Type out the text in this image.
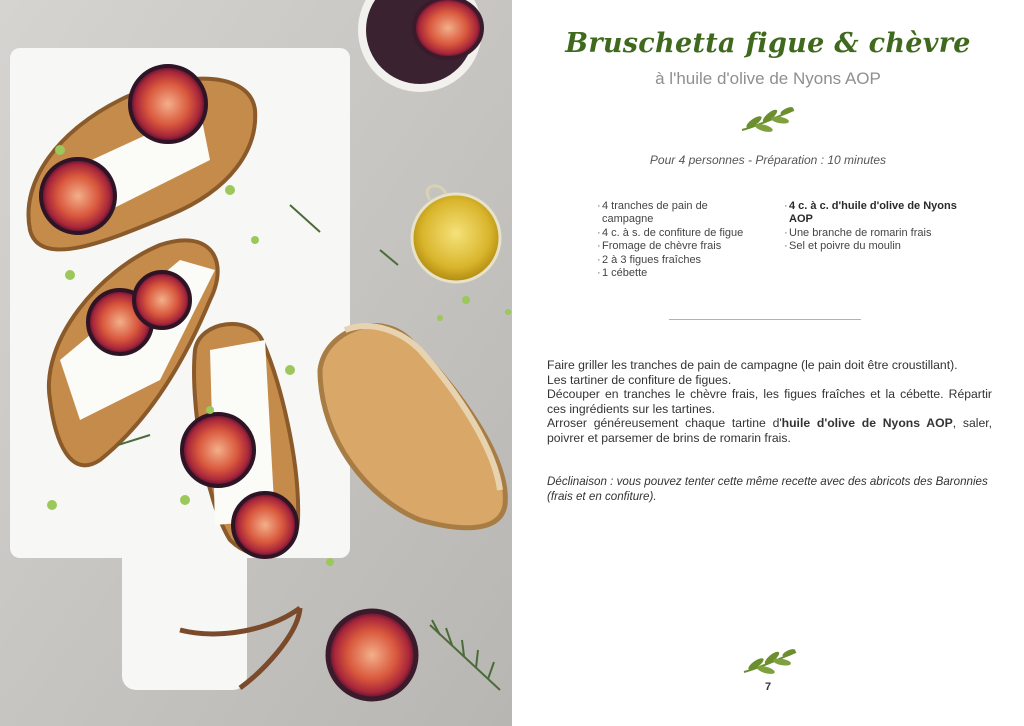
Bruschetta figue & chèvre
à l'huile d'olive de Nyons AOP
Pour 4 personnes - Préparation : 10 minutes
· 4 tranches de pain de campagne
· 4 c. à s. de confiture de figue
· Fromage de chèvre frais
· 2 à 3 figues fraîches
· 1 cébette
· 4 c. à c. d'huile d'olive de Nyons AOP
· Une branche de romarin frais
· Sel et poivre du moulin

Faire griller les tranches de pain de campagne (le pain doit être croustillant).

Les tartiner de confiture de figues.

Découper en tranches le chèvre frais, les figues fraîches et la cébette. Répartir ces ingrédients sur les tartines.

Arroser généreusement chaque tartine d'huile d'olive de Nyons AOP, saler, poivrer et parsemer de brins de romarin frais.

Déclinaison : vous pouvez tenter cette même recette avec des abricots des Baronnies (frais et en confiture).
7
